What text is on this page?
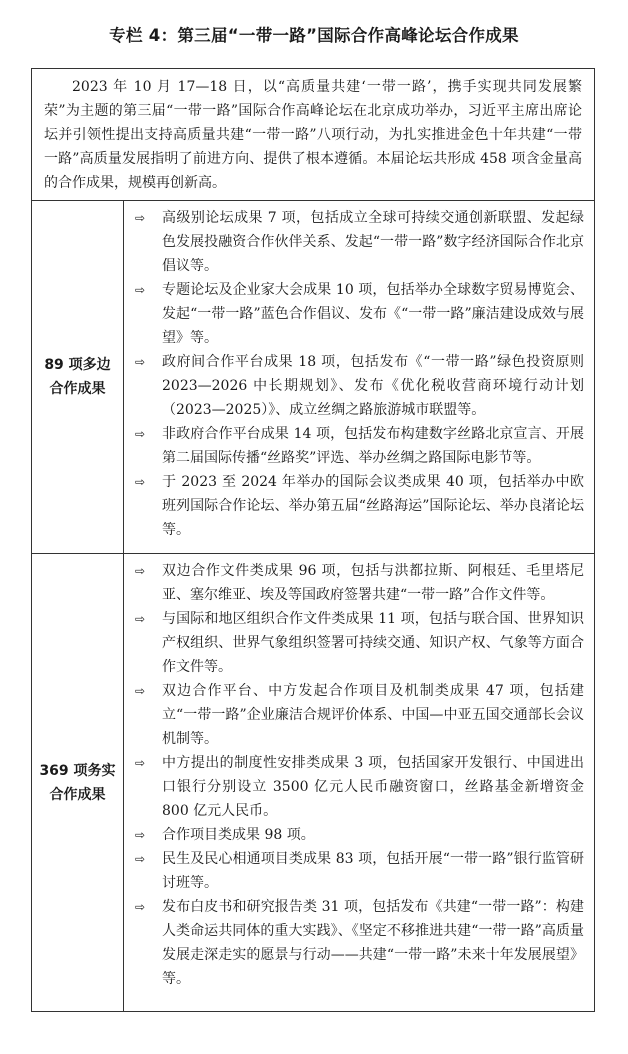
专栏 4：第三届“一带一路”国际合作高峰论坛合作成果
2023 年 10 月 17—18 日，以“高质量共建‘一带一路’，携手实现共同发展繁荣”为主题的第三届“一带一路”国际合作高峰论坛在北京成功举办，习近平主席出席论坛并引领性提出支持高质量共建“一带一路”八项行动，为扎实推进金色十年共建“一带一路”高质量发展指明了前进方向、提供了根本遵循。本届论坛共形成 458 项含金量高的合作成果，规模再创新高。
89 项多边
合作成果
⇨ 高级别论坛成果 7 项，包括成立全球可持续交通创新联盟、发起绿色发展投融资合作伙伴关系、发起“一带一路”数字经济国际合作北京倡议等。
⇨ 专题论坛及企业家大会成果 10 项，包括举办全球数字贸易博览会、发起“一带一路”蓝色合作倡议、发布《“一带一路”廉洁建设成效与展望》等。
⇨ 政府间合作平台成果 18 项，包括发布《“一带一路”绿色投资原则 2023—2026 中长期规划》、发布《优化税收营商环境行动计划（2023—2025）》、成立丝绸之路旅游城市联盟等。
⇨ 非政府合作平台成果 14 项，包括发布构建数字丝路北京宣言、开展第二届国际传播“丝路奖”评选、举办丝绸之路国际电影节等。
⇨ 于 2023 至 2024 年举办的国际会议类成果 40 项，包括举办中欧班列国际合作论坛、举办第五届“丝路海运”国际论坛、举办良渚论坛等。
369 项务实
合作成果
⇨ 双边合作文件类成果 96 项，包括与洪都拉斯、阿根廷、毛里塔尼亚、塞尔维亚、埃及等国政府签署共建“一带一路”合作文件等。
⇨ 与国际和地区组织合作文件类成果 11 项，包括与联合国、世界知识产权组织、世界气象组织签署可持续交通、知识产权、气象等方面合作文件等。
⇨ 双边合作平台、中方发起合作项目及机制类成果 47 项，包括建立“一带一路”企业廉洁合规评价体系、中国—中亚五国交通部长会议机制等。
⇨ 中方提出的制度性安排类成果 3 项，包括国家开发银行、中国进出口银行分别设立 3500 亿元人民币融资窗口，丝路基金新增资金 800 亿元人民币。
⇨ 合作项目类成果 98 项。
⇨ 民生及民心相通项目类成果 83 项，包括开展“一带一路”银行监管研讨班等。
⇨ 发布白皮书和研究报告类 31 项，包括发布《共建“一带一路”：构建人类命运共同体的重大实践》、《坚定不移推进共建“一带一路”高质量发展走深走实的愿景与行动——共建“一带一路”未来十年发展展望》等。
